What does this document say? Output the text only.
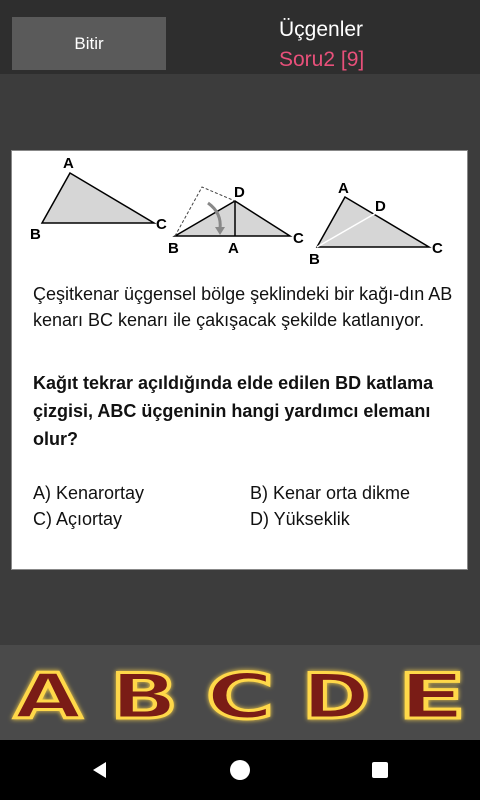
Bitir
Üçgenler
Soru2 [9]
A
B
C
D
B	A
C
A
D
B
C
Çeşitkenar üçgensel bölge şeklindeki bir kağı-dın AB kenarı BC kenarı ile çakışacak şekilde katlanıyor.
Kağıt tekrar açıldığında elde edilen BD katlama çizgisi, ABC üçgeninin hangi yardımcı elemanı olur?
A) Kenarortay	B) Kenar orta dikme
C) Açıortay	D) Yükseklik
A B C D E
